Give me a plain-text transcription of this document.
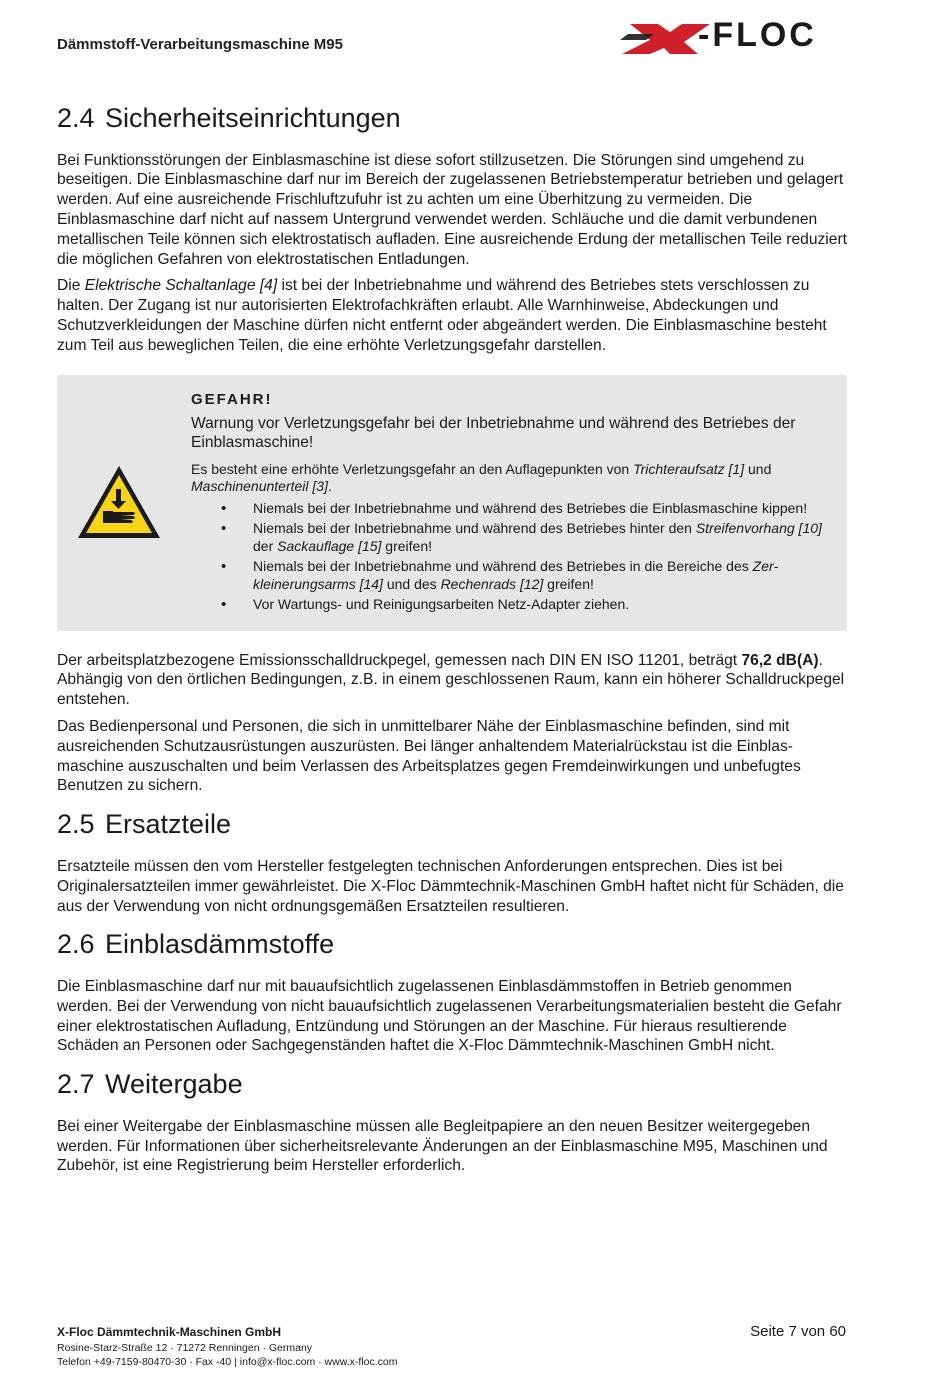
Dämmstoff-Verarbeitungsmaschine M95	-FLOC
2.4 Sicherheitseinrichtungen

Bei Funktionsstörungen der Einblasmaschine ist diese sofort stillzusetzen. Die Störungen sind umgehend zu beseitigen. Die Einblasmaschine darf nur im Bereich der zugelassenen Betriebstemperatur betrieben und gelagert werden. Auf eine ausreichende Frischluftzufuhr ist zu achten um eine Überhitzung zu vermeiden. Die Einblasmaschine darf nicht auf nassem Untergrund verwendet werden. Schläuche und die damit verbundenen metallischen Teile können sich elektrostatisch aufladen. Eine ausreichende Erdung der metallischen Teile reduziert die möglichen Gefahren von elektrostatischen Entladungen.

Die Elektrische Schaltanlage [4] ist bei der Inbetriebnahme und während des Betriebes stets verschlossen zu halten. Der Zugang ist nur autorisierten Elektrofachkräften erlaubt. Alle Warnhinweise, Abdeckungen und Schutzverkleidungen der Maschine dürfen nicht entfernt oder abgeändert werden. Die Einblasmaschine besteht zum Teil aus beweglichen Teilen, die eine erhöhte Verletzungsgefahr darstellen.

GEFAHR!
Warnung vor Verletzungsgefahr bei der Inbetriebnahme und während des Betriebes der Einblasmaschine!
Es besteht eine erhöhte Verletzungsgefahr an den Auflagepunkten von Trichteraufsatz [1] und Maschinenunterteil [3].
• Niemals bei der Inbetriebnahme und während des Betriebes die Einblasmaschine kippen!
• Niemals bei der Inbetriebnahme und während des Betriebes hinter den Streifenvorhang [10] der Sackauflage [15] greifen!
• Niemals bei der Inbetriebnahme und während des Betriebes in die Bereiche des Zerkleinerungsarms [14] und des Rechenrads [12] greifen!
• Vor Wartungs- und Reinigungsarbeiten Netz-Adapter ziehen.

Der arbeitsplatzbezogene Emissionsschalldruckpegel, gemessen nach DIN EN ISO 11201, beträgt 76,2 dB(A). Abhängig von den örtlichen Bedingungen, z.B. in einem geschlossenen Raum, kann ein höherer Schalldruckpegel entstehen.

Das Bedienpersonal und Personen, die sich in unmittelbarer Nähe der Einblasmaschine befinden, sind mit ausreichenden Schutzausrüstungen auszurüsten. Bei länger anhaltendem Materialrückstau ist die Einblasmaschine auszuschalten und beim Verlassen des Arbeitsplatzes gegen Fremdeinwirkungen und unbefugtes Benutzen zu sichern.

2.5 Ersatzteile

Ersatzteile müssen den vom Hersteller festgelegten technischen Anforderungen entsprechen. Dies ist bei Originalersatzteilen immer gewährleistet. Die X-Floc Dämmtechnik-Maschinen GmbH haftet nicht für Schäden, die aus der Verwendung von nicht ordnungsgemäßen Ersatzteilen resultieren.

2.6 Einblasdämmstoffe

Die Einblasmaschine darf nur mit bauaufsichtlich zugelassenen Einblasdämmstoffen in Betrieb genommen werden. Bei der Verwendung von nicht bauaufsichtlich zugelassenen Verarbeitungsmaterialien besteht die Gefahr einer elektrostatischen Aufladung, Entzündung und Störungen an der Maschine. Für hieraus resultierende Schäden an Personen oder Sachgegenständen haftet die X-Floc Dämmtechnik-Maschinen GmbH nicht.

2.7 Weitergabe

Bei einer Weitergabe der Einblasmaschine müssen alle Begleitpapiere an den neuen Besitzer weitergegeben werden. Für Informationen über sicherheitsrelevante Änderungen an der Einblasmaschine M95, Maschinen und Zubehör, ist eine Registrierung beim Hersteller erforderlich.

X-Floc Dämmtechnik-Maschinen GmbH
Rosine-Starz-Straße 12 · 71272 Renningen · Germany
Telefon +49-7159-80470-30 · Fax -40 | info@x-floc.com · www.x-floc.com
Seite 7 von 60
